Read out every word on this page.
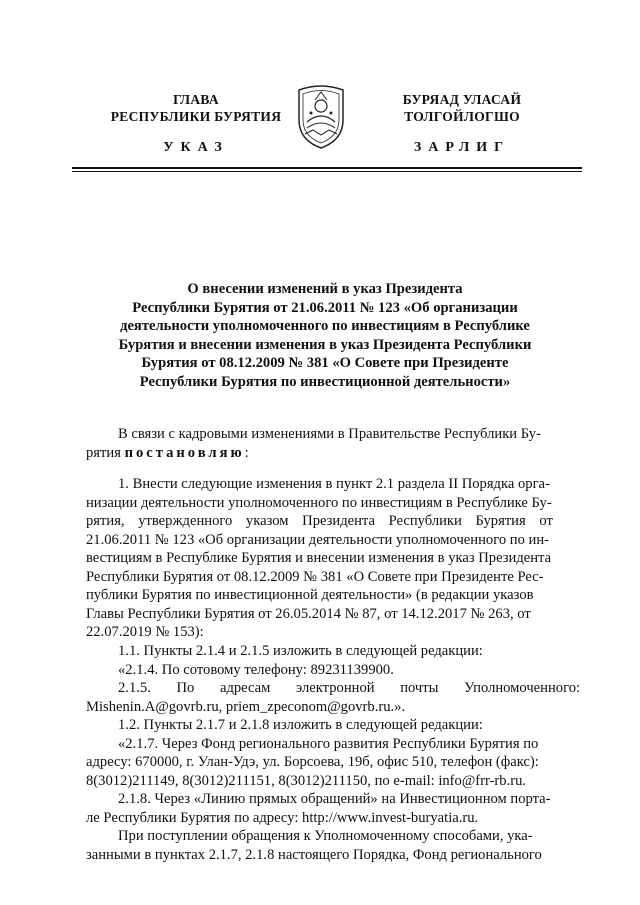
ГЛАВА
РЕСПУБЛИКИ БУРЯТИЯ
БУРЯАД УЛАСАЙ
ТОЛГОЙЛОГШО
УКАЗ	ЗАРЛИГ
О внесении изменений в указ Президента
Республики Бурятия от 21.06.2011 № 123 «Об организации
деятельности уполномоченного по инвестициям в Республике
Бурятия и внесении изменения в указ Президента Республики
Бурятия от 08.12.2009 № 381 «О Совете при Президенте
Республики Бурятия по инвестиционной деятельности»
В связи с кадровыми изменениями в Правительстве Республики Бу-
рятия постановляю:
1. Внести следующие изменения в пункт 2.1 раздела II Порядка орга-
низации деятельности уполномоченного по инвестициям в Республике Бу-
рятия, утвержденного указом Президента Республики Бурятия от
21.06.2011 № 123 «Об организации деятельности уполномоченного по ин-
вестициям в Республике Бурятия и внесении изменения в указ Президента
Республики Бурятия от 08.12.2009 № 381 «О Совете при Президенте Рес-
публики Бурятия по инвестиционной деятельности» (в редакции указов
Главы Республики Бурятия от 26.05.2014 № 87, от 14.12.2017 № 263, от
22.07.2019 № 153):
1.1. Пункты 2.1.4 и 2.1.5 изложить в следующей редакции:
«2.1.4. По сотовому телефону: 89231139900.
2.1.5. По адресам электронной почты Уполномоченного:
Mishenin.A@govrb.ru, priem_zpeconom@govrb.ru.».
1.2. Пункты 2.1.7 и 2.1.8 изложить в следующей редакции:
«2.1.7. Через Фонд регионального развития Республики Бурятия по
адресу: 670000, г. Улан-Удэ, ул. Борсоева, 19б, офис 510, телефон (факс):
8(3012)211149, 8(3012)211151, 8(3012)211150, по e-mail: info@frr-rb.ru.
2.1.8. Через «Линию прямых обращений» на Инвестиционном порта-
ле Республики Бурятия по адресу: http://www.invest-buryatia.ru.
При поступлении обращения к Уполномоченному способами, ука-
занными в пунктах 2.1.7, 2.1.8 настоящего Порядка, Фонд регионального
